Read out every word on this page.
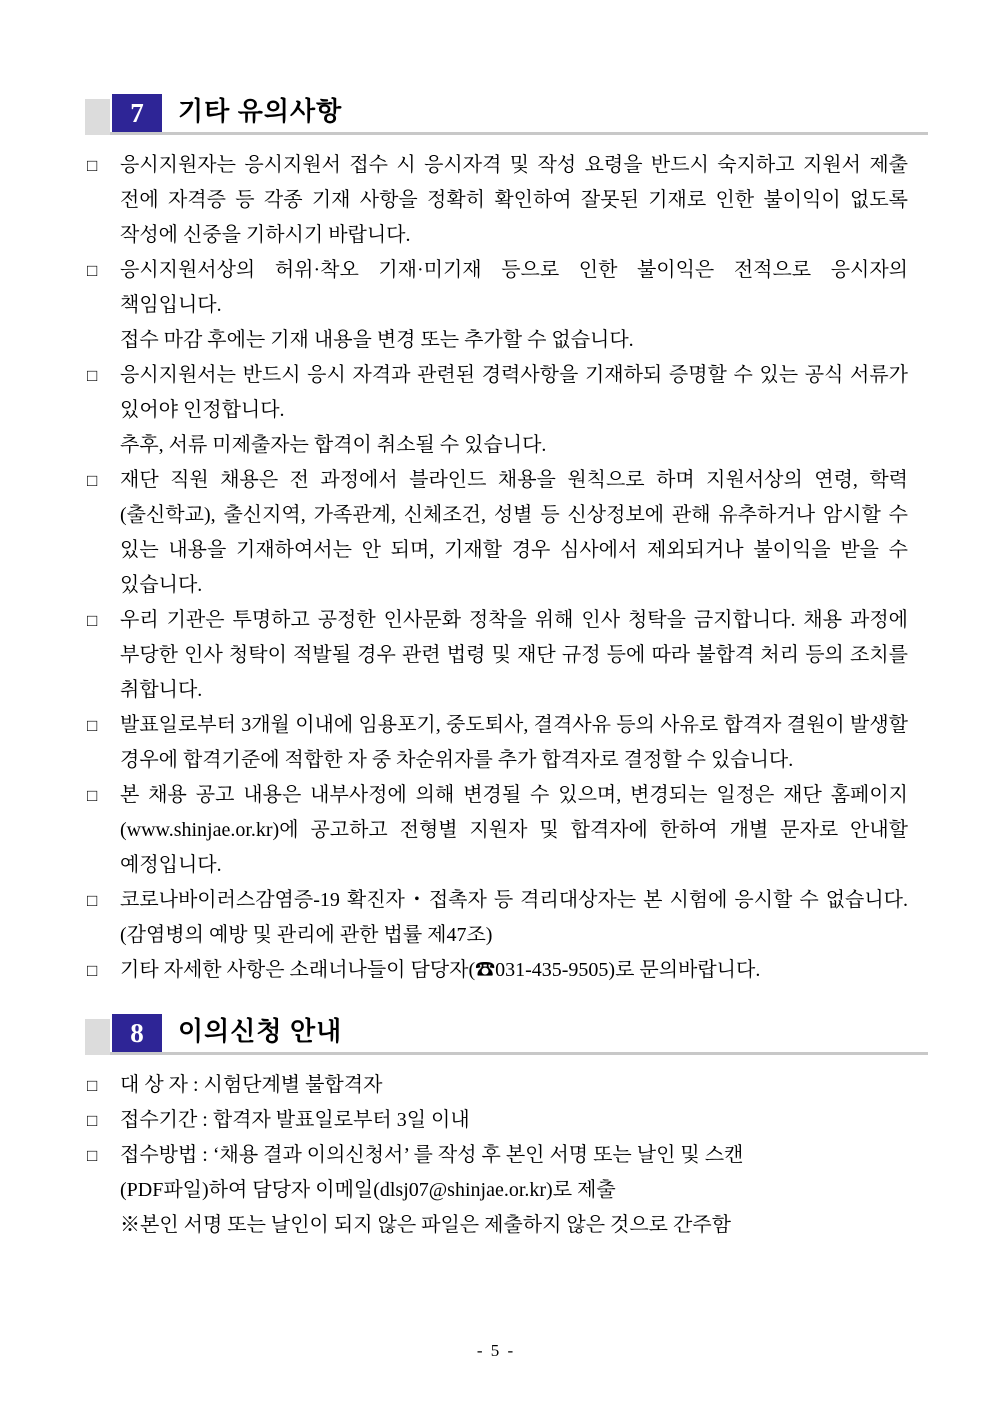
7	기타 유의사항
□	응시지원자는 응시지원서 접수 시 응시자격 및 작성 요령을 반드시 숙지하고 지원서 제출 전에 자격증 등 각종 기재 사항을 정확히 확인하여 잘못된 기재로 인한 불이익이 없도록 작성에 신중을 기하시기 바랍니다.
□	응시지원서상의 허위·착오 기재·미기재 등으로 인한 불이익은 전적으로 응시자의 책임입니다.
접수 마감 후에는 기재 내용을 변경 또는 추가할 수 없습니다.
□	응시지원서는 반드시 응시 자격과 관련된 경력사항을 기재하되 증명할 수 있는 공식 서류가 있어야 인정합니다.
추후, 서류 미제출자는 합격이 취소될 수 있습니다.
□	재단 직원 채용은 전 과정에서 블라인드 채용을 원칙으로 하며 지원서상의 연령, 학력(출신학교), 출신지역, 가족관계, 신체조건, 성별 등 신상정보에 관해 유추하거나 암시할 수 있는 내용을 기재하여서는 안 되며, 기재할 경우 심사에서 제외되거나 불이익을 받을 수 있습니다.
□	우리 기관은 투명하고 공정한 인사문화 정착을 위해 인사 청탁을 금지합니다. 채용 과정에 부당한 인사 청탁이 적발될 경우 관련 법령 및 재단 규정 등에 따라 불합격 처리 등의 조치를 취합니다.
□	발표일로부터 3개월 이내에 임용포기, 중도퇴사, 결격사유 등의 사유로 합격자 결원이 발생할 경우에 합격기준에 적합한 자 중 차순위자를 추가 합격자로 결정할 수 있습니다.
□	본 채용 공고 내용은 내부사정에 의해 변경될 수 있으며, 변경되는 일정은 재단 홈페이지(www.shinjae.or.kr)에 공고하고 전형별 지원자 및 합격자에 한하여 개별 문자로 안내할 예정입니다.
□	코로나바이러스감염증-19 확진자・접촉자 등 격리대상자는 본 시험에 응시할 수 없습니다. (감염병의 예방 및 관리에 관한 법률 제47조)
□	기타 자세한 사항은 소래너나들이 담당자(☎031-435-9505)로 문의바랍니다.
8	이의신청 안내
□	대 상 자 : 시험단계별 불합격자
□	접수기간 : 합격자 발표일로부터 3일 이내
□	접수방법 : ‘채용 결과 이의신청서’ 를 작성 후 본인 서명 또는 날인 및 스캔
(PDF파일)하여 담당자 이메일(dlsj07@shinjae.or.kr)로 제출
※본인 서명 또는 날인이 되지 않은 파일은 제출하지 않은 것으로 간주함
- 5 -
